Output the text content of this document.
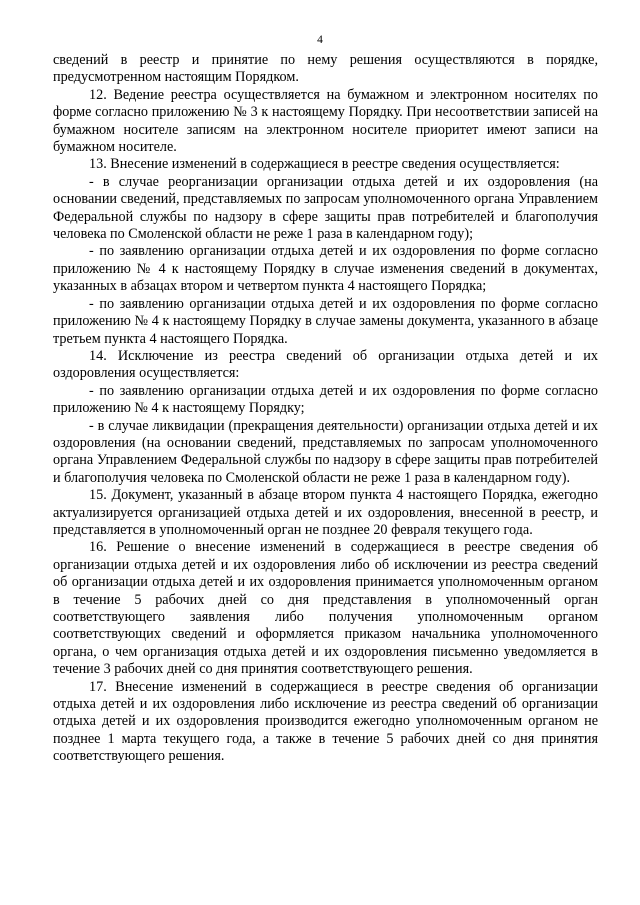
4

сведений в реестр и принятие по нему решения осуществляются в порядке, предусмотренном настоящим Порядком.

12. Ведение реестра осуществляется на бумажном и электронном носителях по форме согласно приложению № 3 к настоящему Порядку. При несоответствии записей на бумажном носителе записям на электронном носителе приоритет имеют записи на бумажном носителе.

13. Внесение изменений в содержащиеся в реестре сведения осуществляется:

- в случае реорганизации организации отдыха детей и их оздоровления (на основании сведений, представляемых по запросам уполномоченного органа Управлением Федеральной службы по надзору в сфере защиты прав потребителей и благополучия человека по Смоленской области не реже 1 раза в календарном году);

- по заявлению организации отдыха детей и их оздоровления по форме согласно приложению № 4 к настоящему Порядку в случае изменения сведений в документах, указанных в абзацах втором и четвертом пункта 4 настоящего Порядка;

- по заявлению организации отдыха детей и их оздоровления по форме согласно приложению № 4 к настоящему Порядку в случае замены документа, указанного в абзаце третьем пункта 4 настоящего Порядка.

14. Исключение из реестра сведений об организации отдыха детей и их оздоровления осуществляется:

- по заявлению организации отдыха детей и их оздоровления по форме согласно приложению № 4 к настоящему Порядку;

- в случае ликвидации (прекращения деятельности) организации отдыха детей и их оздоровления (на основании сведений, представляемых по запросам уполномоченного органа Управлением Федеральной службы по надзору в сфере защиты прав потребителей и благополучия человека по Смоленской области не реже 1 раза в календарном году).

15. Документ, указанный в абзаце втором пункта 4 настоящего Порядка, ежегодно актуализируется организацией отдыха детей и их оздоровления, внесенной в реестр, и представляется в уполномоченный орган не позднее 20 февраля текущего года.

16. Решение о внесение изменений в содержащиеся в реестре сведения об организации отдыха детей и их оздоровления либо об исключении из реестра сведений об организации отдыха детей и их оздоровления принимается уполномоченным органом в течение 5 рабочих дней со дня представления в уполномоченный орган соответствующего заявления либо получения уполномоченным органом соответствующих сведений и оформляется приказом начальника уполномоченного органа, о чем организация отдыха детей и их оздоровления письменно уведомляется в течение 3 рабочих дней со дня принятия соответствующего решения.

17. Внесение изменений в содержащиеся в реестре сведения об организации отдыха детей и их оздоровления либо исключение из реестра сведений об организации отдыха детей и их оздоровления производится ежегодно уполномоченным органом не позднее 1 марта текущего года, а также в течение 5 рабочих дней со дня принятия соответствующего решения.
